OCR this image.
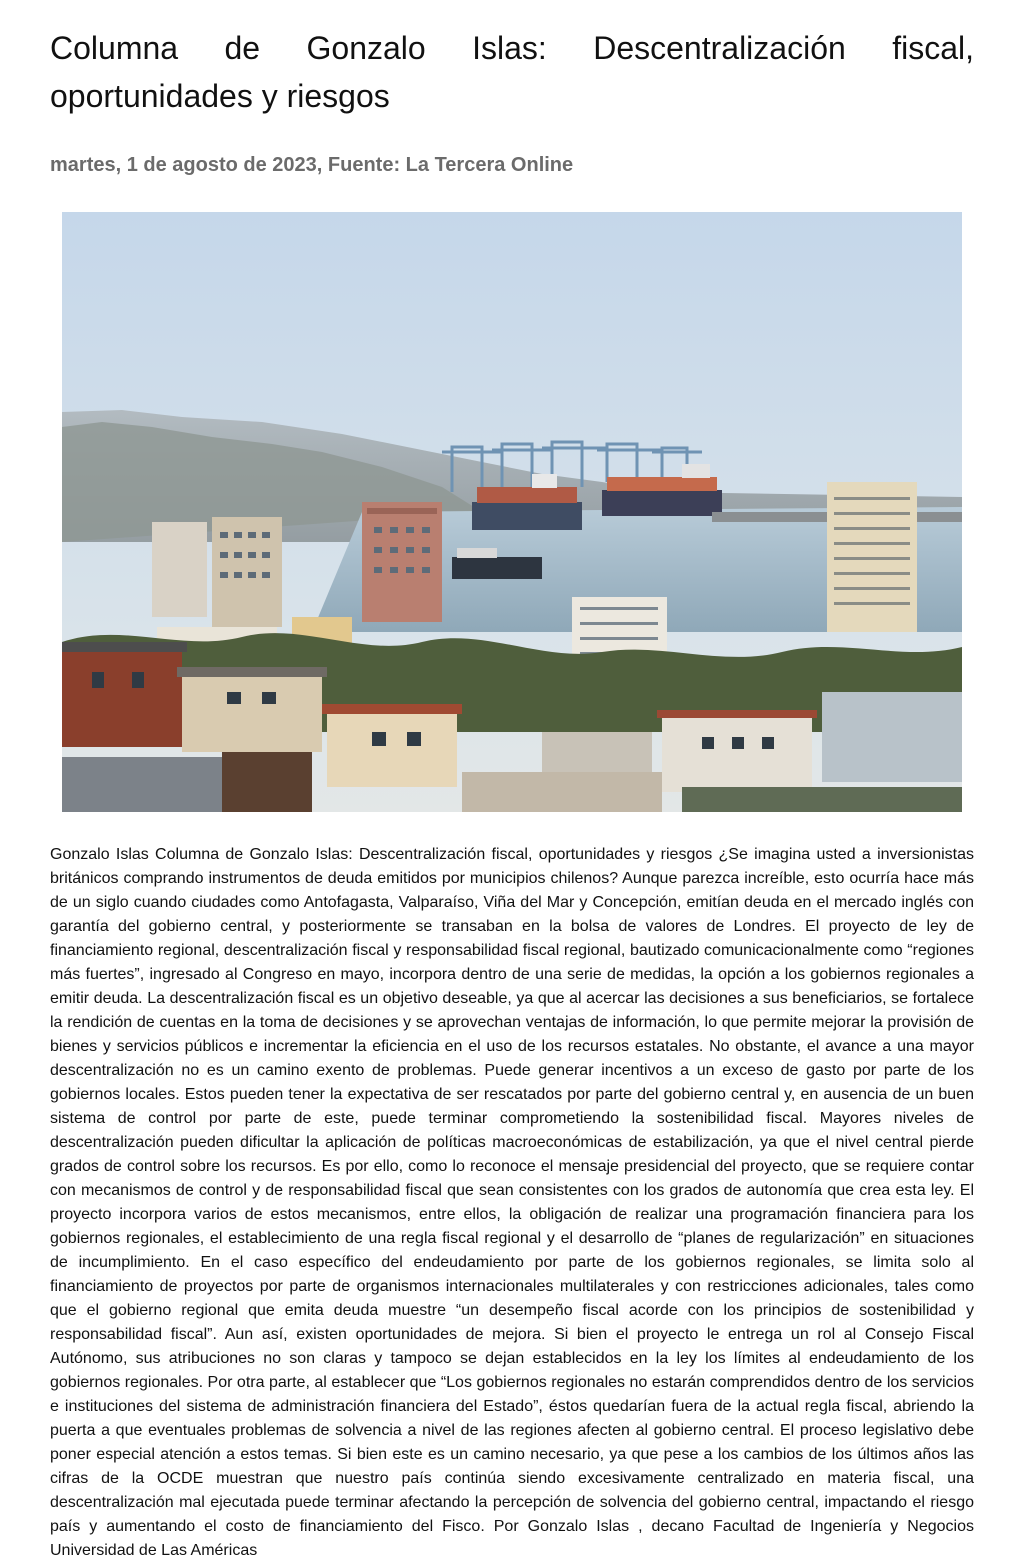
Columna de Gonzalo Islas: Descentralización fiscal, oportunidades y riesgos

martes, 1 de agosto de 2023, Fuente: La Tercera Online

Gonzalo Islas Columna de Gonzalo Islas: Descentralización fiscal, oportunidades y riesgos ¿Se imagina usted a inversionistas británicos comprando instrumentos de deuda emitidos por municipios chilenos? Aunque parezca increíble, esto ocurría hace más de un siglo cuando ciudades como Antofagasta, Valparaíso, Viña del Mar y Concepción, emitían deuda en el mercado inglés con garantía del gobierno central, y posteriormente se transaban en la bolsa de valores de Londres. El proyecto de ley de financiamiento regional, descentralización fiscal y responsabilidad fiscal regional, bautizado comunicacionalmente como “regiones más fuertes”, ingresado al Congreso en mayo, incorpora dentro de una serie de medidas, la opción a los gobiernos regionales a emitir deuda. La descentralización fiscal es un objetivo deseable, ya que al acercar las decisiones a sus beneficiarios, se fortalece la rendición de cuentas en la toma de decisiones y se aprovechan ventajas de información, lo que permite mejorar la provisión de bienes y servicios públicos e incrementar la eficiencia en el uso de los recursos estatales. No obstante, el avance a una mayor descentralización no es un camino exento de problemas. Puede generar incentivos a un exceso de gasto por parte de los gobiernos locales. Estos pueden tener la expectativa de ser rescatados por parte del gobierno central y, en ausencia de un buen sistema de control por parte de este, puede terminar comprometiendo la sostenibilidad fiscal. Mayores niveles de descentralización pueden dificultar la aplicación de políticas macroeconómicas de estabilización, ya que el nivel central pierde grados de control sobre los recursos. Es por ello, como lo reconoce el mensaje presidencial del proyecto, que se requiere contar con mecanismos de control y de responsabilidad fiscal que sean consistentes con los grados de autonomía que crea esta ley. El proyecto incorpora varios de estos mecanismos, entre ellos, la obligación de realizar una programación financiera para los gobiernos regionales, el establecimiento de una regla fiscal regional y el desarrollo de “planes de regularización” en situaciones de incumplimiento. En el caso específico del endeudamiento por parte de los gobiernos regionales, se limita solo al financiamiento de proyectos por parte de organismos internacionales multilaterales y con restricciones adicionales, tales como que el gobierno regional que emita deuda muestre “un desempeño fiscal acorde con los principios de sostenibilidad y responsabilidad fiscal”. Aun así, existen oportunidades de mejora. Si bien el proyecto le entrega un rol al Consejo Fiscal Autónomo, sus atribuciones no son claras y tampoco se dejan establecidos en la ley los límites al endeudamiento de los gobiernos regionales. Por otra parte, al establecer que “Los gobiernos regionales no estarán comprendidos dentro de los servicios e instituciones del sistema de administración financiera del Estado”, éstos quedarían fuera de la actual regla fiscal, abriendo la puerta a que eventuales problemas de solvencia a nivel de las regiones afecten al gobierno central. El proceso legislativo debe poner especial atención a estos temas. Si bien este es un camino necesario, ya que pese a los cambios de los últimos años las cifras de la OCDE muestran que nuestro país continúa siendo excesivamente centralizado en materia fiscal, una descentralización mal ejecutada puede terminar afectando la percepción de solvencia del gobierno central, impactando el riesgo país y aumentando el costo de financiamiento del Fisco. Por Gonzalo Islas , decano Facultad de Ingeniería y Negocios Universidad de Las Américas
